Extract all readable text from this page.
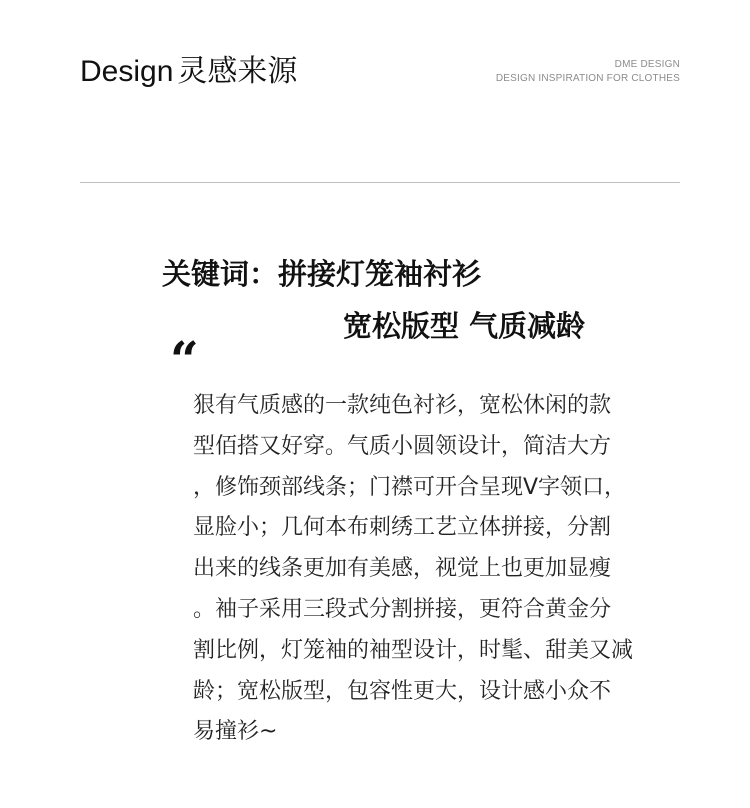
Design 灵感来源	DME DESIGN
DESIGN INSPIRATION FOR CLOTHES
关键词：拼接灯笼袖衬衫
宽松版型 气质减龄
“

狠有气质感的一款纯色衬衫，宽松休闲的款

型佰搭又好穿。气质小圆领设计，简洁大方

，修饰颈部线条；门襟可开合呈现V字领口，

显脸小；几何本布刺绣工艺立体拼接，分割

出来的线条更加有美感，视觉上也更加显瘦

。袖子采用三段式分割拼接，更符合黄金分

割比例，灯笼袖的袖型设计，时髦、甜美又减

龄；宽松版型，包容性更大，设计感小众不

易撞衫~
